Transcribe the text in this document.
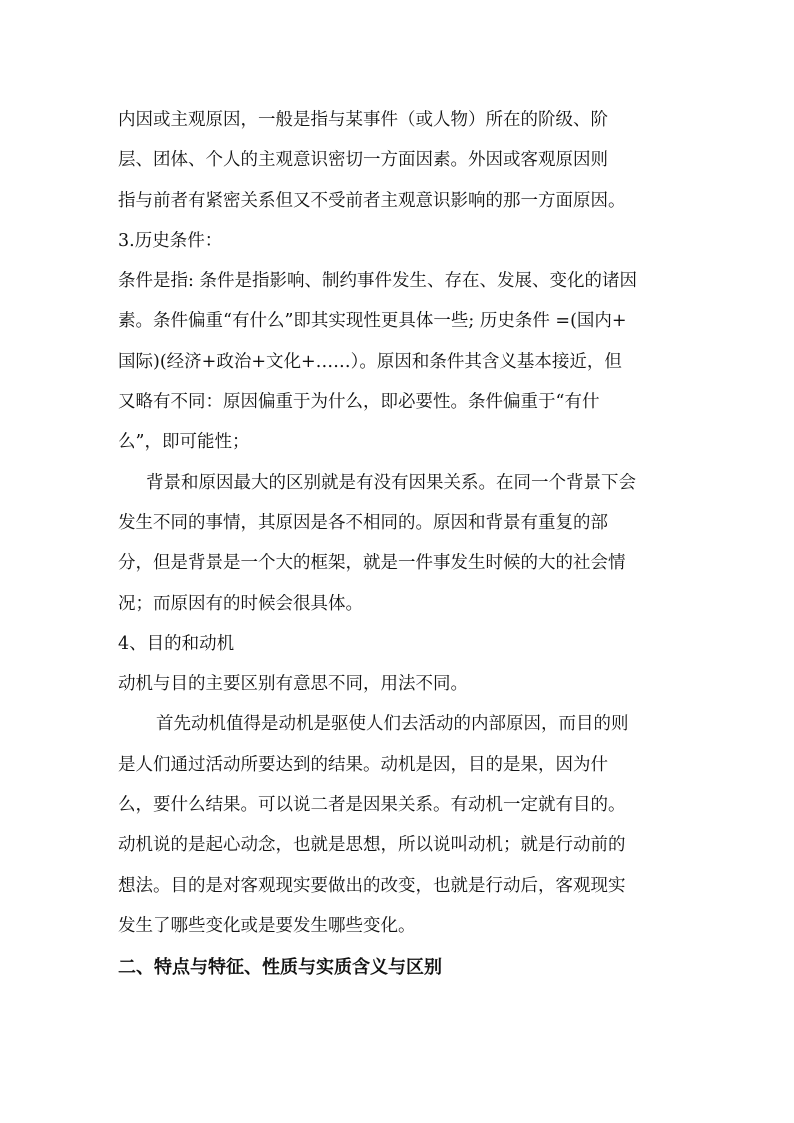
内因或主观原因，一般是指与某事件（或人物）所在的阶级、阶
层、团体、个人的主观意识密切一方面因素。外因或客观原因则
指与前者有紧密关系但又不受前者主观意识影响的那一方面原因。
3.历史条件：
条件是指: 条件是指影响、制约事件发生、存在、发展、变化的诸因
素。条件偏重“有什么”即其实现性更具体一些; 历史条件 =(国内+
国际)(经济+政治+文化+……）。原因和条件其含义基本接近，但
又略有不同：原因偏重于为什么，即必要性。条件偏重于“有什
么”，即可能性；
背景和原因最大的区别就是有没有因果关系。在同一个背景下会
发生不同的事情，其原因是各不相同的。原因和背景有重复的部
分，但是背景是一个大的框架，就是一件事发生时候的大的社会情
况；而原因有的时候会很具体。
4、目的和动机
动机与目的主要区别有意思不同，用法不同。
首先动机值得是动机是驱使人们去活动的内部原因，而目的则
是人们通过活动所要达到的结果。动机是因，目的是果，因为什
么，要什么结果。可以说二者是因果关系。有动机一定就有目的。
动机说的是起心动念，也就是思想，所以说叫动机；就是行动前的
想法。目的是对客观现实要做出的改变，也就是行动后，客观现实
发生了哪些变化或是要发生哪些变化。
二、特点与特征、性质与实质含义与区别
